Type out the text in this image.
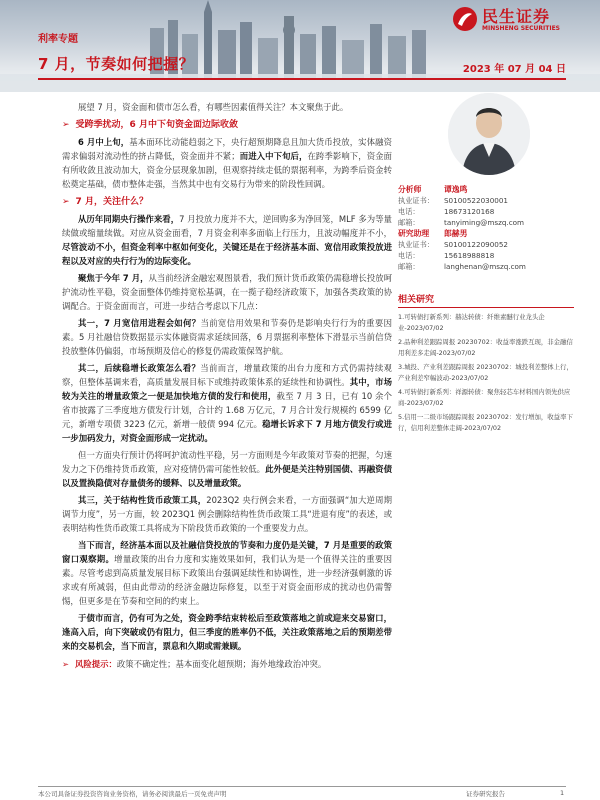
利率专题
7 月，节奏如何把握？	2023 年 07 月 04 日
民生证券
MINSHENG SECURITIES

展望 7 月，资金面和债市怎么看，有哪些因素值得关注？本文聚焦于此。

➢ 受跨季扰动，6 月中下旬资金面边际收敛

6 月中上旬，基本面环比动能趋弱之下，央行超预期降息且加大货币投放，实体融资需求偏弱对流动性的挤占降低，资金面并不紧；而进入中下旬后，在跨季影响下，资金面有所收敛且波动加大，资金分层现象加剧，但观察持续走低的票据利率，为跨季后资金转松奠定基础，债市整体走强，当然其中也有交易行为带来的阶段性回调。

➢ 7 月，关注什么？

从历年同期央行操作来看，7 月投放力度并不大，逆回购多为净回笼，MLF 多为等量续做或缩量续做。对应从资金面看，7 月资金利率多面临上行压力，且波动幅度并不小，尽管波动不小，但资金利率中枢如何变化，关键还是在于经济基本面、宽信用政策投放进程以及对应的央行行为的边际变化。

聚焦于今年 7 月，从当前经济金融宏观图景看，我们预计货币政策仍需稳增长投放呵护流动性平稳，资金面整体仍维持宽松基调，在一揽子稳经济政策下，加强各类政策的协调配合。于资金面而言，可进一步结合考虑以下几点：

其一，7 月宽信用进程会如何？当前宽信用效果和节奏仍是影响央行行为的重要因素。5 月社融信贷数据显示实体融资需求延续回落，6 月票据利率整体下滑显示当前信贷投放整体仍偏弱，市场预期及信心的修复仍需政策保驾护航。

其二，后续稳增长政策怎么看？当前而言，增量政策的出台力度和方式仍需持续观察，但整体基调来看，高质量发展目标下或维持政策体系的延续性和协调性。其中，市场较为关注的增量政策之一便是加快地方债的发行和使用，截至 7 月 3 日，已有 10 余个省市披露了三季度地方债发行计划，合计约 1.68 万亿元，7 月合计发行规模约 6599 亿元，新增专项债 3223 亿元，新增一般债 994 亿元。稳增长诉求下 7 月地方债发行或进一步加码发力，对资金面形成一定扰动。

但一方面央行预计仍将呵护流动性平稳，另一方面则是今年政策对节奏的把握，匀速发力之下仍维持货币政策，应对疫情仍需可能性较低。此外便是关注特别国债、再融资债以及置换隐债对存量债务的缓释、以及增量政策。

其三，关于结构性货币政策工具，2023Q2 央行例会来看，一方面强调“加大逆周期调节力度”，另一方面，较 2023Q1 例会删除结构性货币政策工具“进退有度”的表述，或表明结构性货币政策工具将成为下阶段货币政策的一个重要发力点。

当下而言，经济基本面以及社融信贷投放的节奏和力度仍是关键，7 月是重要的政策窗口观察期。增量政策的出台力度和实施效果如何，我们认为是一个值得关注的重要因素。尽管考虑到高质量发展目标下政策出台强调延续性和协调性，进一步经济强刺激的诉求或有所减弱，但由此带动的经济金融边际修复，以至于对资金面形成的扰动也仍需警惕，但更多是在节奏和空间的约束上。

于债市而言，仍有可为之处，资金跨季结束转松后至政策落地之前或迎来交易窗口，逢高入后，向下突破或仍有阻力，但三季度的胜率仍不低，关注政策落地之后的预期差带来的交易机会，当下而言，票息和久期或需兼顾。

➢ 风险提示：政策不确定性；基本面变化超预期；海外地缘政治冲突。
分析师	谭逸鸣
执业证书： S0100522030001
电话：	18673120168
邮箱：	tanyiming@mszq.com
研究助理 郎赫男
执业证书： S0100122090052
电话：	15618988818
邮箱：	langhenan@mszq.com
相关研究
1.可转债打新系列：赫达转债：纤维素醚行业龙头企业-2023/07/02
2.品种利差跟踪周报 20230702：收益率涨跌互现，非金融信用利差多走阔-2023/07/02
3.城投、产业利差跟踪周报 20230702：城投利差整体上行，产业利差窄幅波动-2023/07/02
4.可转债打新系列：祥源转债：聚焦轻芯车材料国内领先供应商-2023/07/02
5.信用一二级市场跟踪周报 20230702：发行增加，收益率下行，信用利差整体走阔-2023/07/02
本公司具备证券投资咨询业务资格，请务必阅读最后一页免责声明	证券研究报告	1
